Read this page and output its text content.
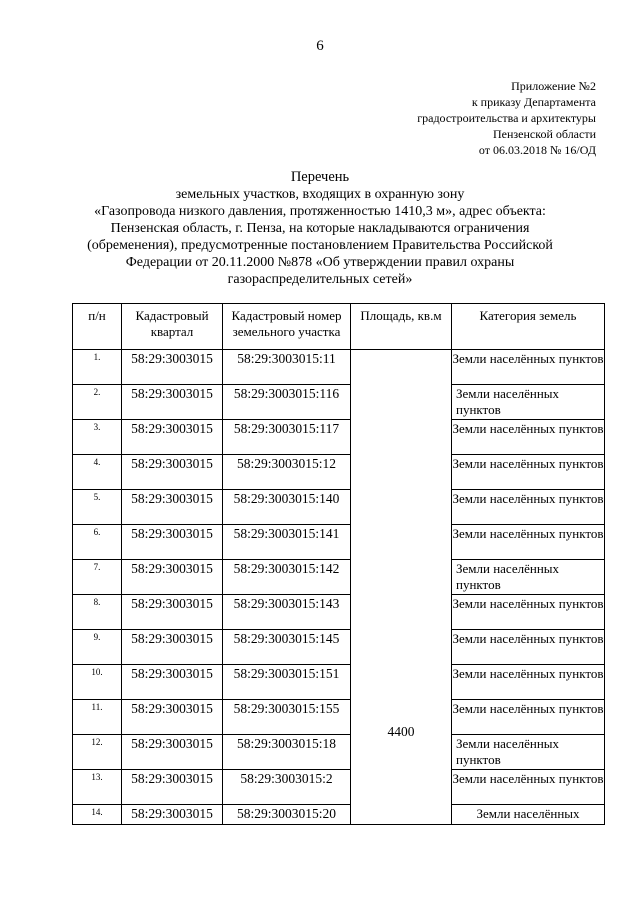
6
Приложение №2
к приказу Департамента
градостроительства и архитектуры
Пензенской области
от 06.03.2018 № 16/ОД
Перечень
земельных участков, входящих в охранную зону
«Газопровода низкого давления, протяженностью 1410,3 м», адрес объекта:
Пензенская область, г. Пенза, на которые накладываются ограничения
(обременения), предусмотренные постановлением Правительства Российской
Федерации от 20.11.2000 №878 «Об утверждении правил охраны
газораспределительных сетей»
п/н	Кадастровый квартал	Кадастровый номер земельного участка	Площадь, кв.м	Категория земель
1.	58:29:3003015	58:29:3003015:11	4400	Земли населённых пунктов
2.	58:29:3003015	58:29:3003015:116		Земли населённых пунктов
3.	58:29:3003015	58:29:3003015:117		Земли населённых пунктов
4.	58:29:3003015	58:29:3003015:12		Земли населённых пунктов
5.	58:29:3003015	58:29:3003015:140		Земли населённых пунктов
6.	58:29:3003015	58:29:3003015:141		Земли населённых пунктов
7.	58:29:3003015	58:29:3003015:142		Земли населённых пунктов
8.	58:29:3003015	58:29:3003015:143		Земли населённых пунктов
9.	58:29:3003015	58:29:3003015:145		Земли населённых пунктов
10.	58:29:3003015	58:29:3003015:151		Земли населённых пунктов
11.	58:29:3003015	58:29:3003015:155		Земли населённых пунктов
12.	58:29:3003015	58:29:3003015:18		Земли населённых пунктов
13.	58:29:3003015	58:29:3003015:2		Земли населённых пунктов
14.	58:29:3003015	58:29:3003015:20		Земли населённых
